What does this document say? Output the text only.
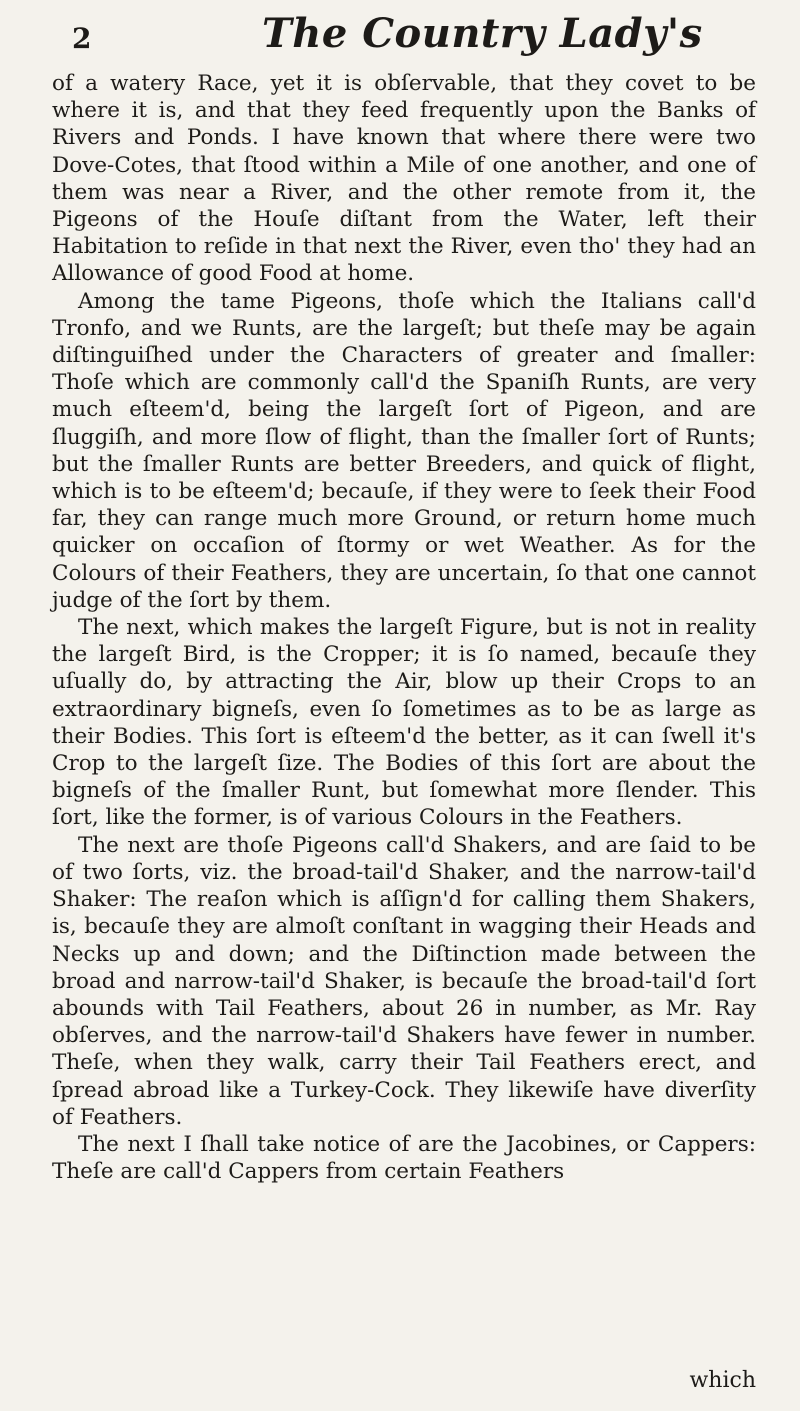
2	The Country Lady's

of a watery Race, yet it is obſervable, that they covet to be where it is, and that they feed frequently upon the Banks of Rivers and Ponds. I have known that where there were two Dove-Cotes, that ſtood within a Mile of one another, and one of them was near a River, and the other remote from it, the Pigeons of the Houſe diſtant from the Water, left their Habitation to reſide in that next the River, even tho' they had an Allowance of good Food at home.

Among the tame Pigeons, thoſe which the Italians call'd Tronfo, and we Runts, are the largeſt; but theſe may be again diſtinguiſhed under the Characters of greater and ſmaller: Thoſe which are commonly call'd the Spaniſh Runts, are very much eſteem'd, being the largeſt ſort of Pigeon, and are ſluggiſh, and more ſlow of flight, than the ſmaller ſort of Runts; but the ſmaller Runts are better Breeders, and quick of flight, which is to be eſteem'd; becauſe, if they were to ſeek their Food far, they can range much more Ground, or return home much quicker on occaſion of ſtormy or wet Weather. As for the Colours of their Feathers, they are uncertain, ſo that one cannot judge of the ſort by them.

The next, which makes the largeſt Figure, but is not in reality the largeſt Bird, is the Cropper; it is ſo named, becauſe they uſually do, by attracting the Air, blow up their Crops to an extraordinary bigneſs, even ſo ſometimes as to be as large as their Bodies. This ſort is eſteem'd the better, as it can ſwell it's Crop to the largeſt ſize. The Bodies of this ſort are about the bigneſs of the ſmaller Runt, but ſomewhat more ſlender. This ſort, like the former, is of various Colours in the Feathers.

The next are thoſe Pigeons call'd Shakers, and are ſaid to be of two ſorts, viz. the broad-tail'd Shaker, and the narrow-tail'd Shaker: The reaſon which is aſſign'd for calling them Shakers, is, becauſe they are almoſt conſtant in wagging their Heads and Necks up and down; and the Diſtinction made between the broad and narrow-tail'd Shaker, is becauſe the broad-tail'd ſort abounds with Tail Feathers, about 26 in number, as Mr. Ray obſerves, and the narrow-tail'd Shakers have fewer in number. Theſe, when they walk, carry their Tail Feathers erect, and ſpread abroad like a Turkey-Cock. They likewiſe have diverſity of Feathers.

The next I ſhall take notice of are the Jacobines, or Cappers: Theſe are call'd Cappers from certain Feathers

which
